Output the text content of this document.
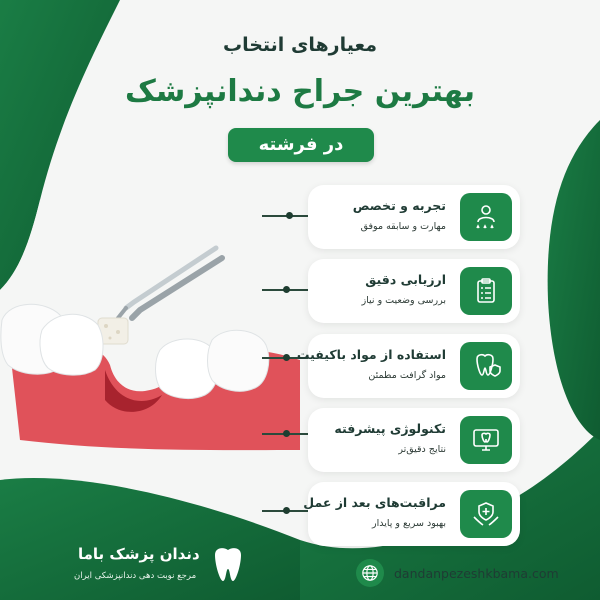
معیارهای انتخاب
بهترین جراح دندانپزشک
در فرشته
تجربه و تخصص
مهارت و سابقه موفق
ارزیابی دقیق
بررسی وضعیت و نیاز
استفاده از مواد باکیفیت
مواد گرافت مطمئن
تکنولوژی پیشرفته
نتایج دقیق‌تر
مراقبت‌های بعد از عمل
بهبود سریع و پایدار
دندان پزشک باما
مرجع نوبت دهی دندانپزشکی ایران	dandanpezeshkbama.com
